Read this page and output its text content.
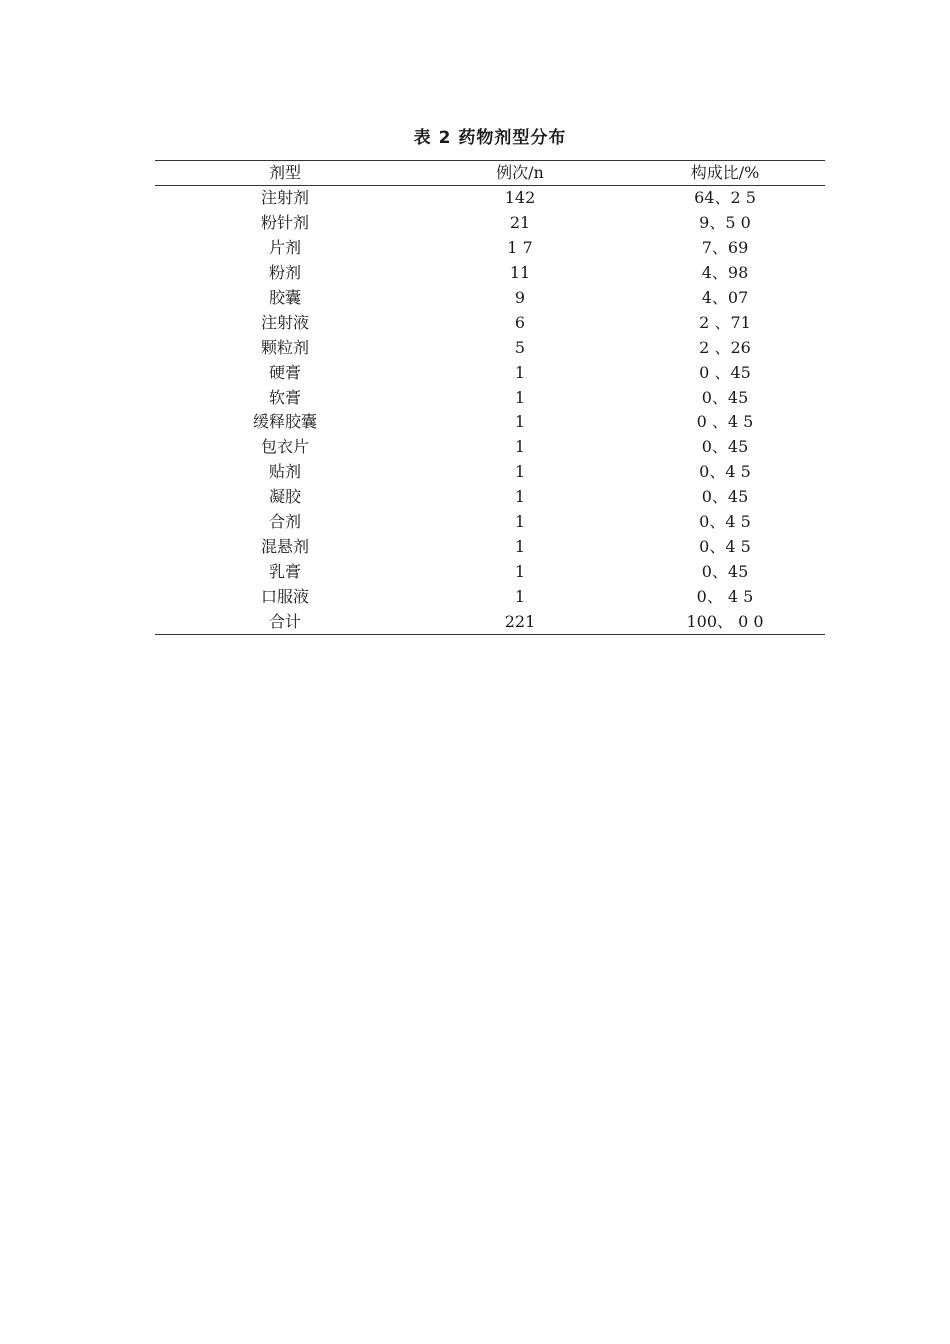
表 2 药物剂型分布
剂型	例次/n	构成比/%
注射剂	142	64、2 5
粉针剂	21	9、5 0
片剂	1 7	7、69
粉剂	11	4、98
胶囊	9	4、07
注射液	6	2 、71
颗粒剂	5	2 、26
硬膏	1	0 、45
软膏	1	0、45
缓释胶囊	1	0 、4 5
包衣片	1	0、45
贴剂	1	0、4 5
凝胶	1	0、45
合剂	1	0、4 5
混悬剂	1	0、4 5
乳膏	1	0、45
口服液	1	0、 4 5
合计	221	100、 0 0
